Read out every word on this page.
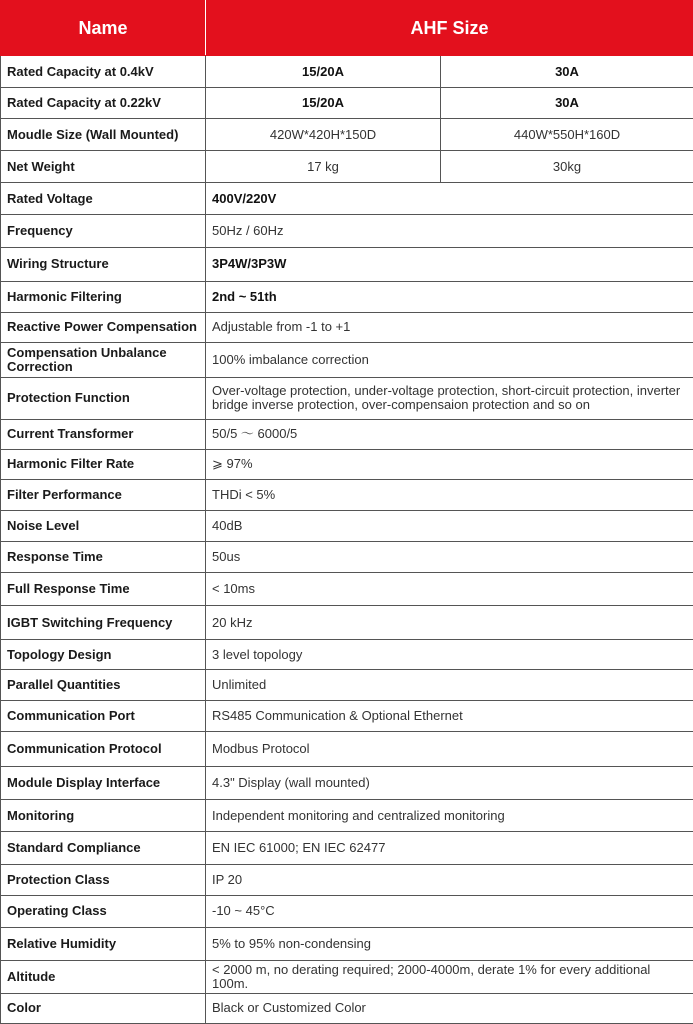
Name	AHF Size	
Rated Capacity at 0.4kV	15/20A	30A
Rated Capacity at 0.22kV	15/20A	30A
Moudle Size (Wall Mounted)	420W*420H*150D	440W*550H*160D
Net Weight	17 kg	30kg
Rated Voltage	400V/220V	
Frequency	50Hz / 60Hz	
Wiring Structure	3P4W/3P3W	
Harmonic Filtering	2nd ~ 51th	
Reactive Power Compensation	Adjustable from -1 to +1	
Compensation Unbalance Correction	100% imbalance correction	
Protection Function	Over-voltage protection, under-voltage protection, short-circuit protection, inverter bridge inverse protection, over-compensaion protection and so on	
Current Transformer	50/5 ～ 6000/5	
Harmonic Filter Rate	⩾ 97%	
Filter Performance	THDi < 5%	
Noise Level	40dB	
Response Time	50us	
Full Response Time	< 10ms	
IGBT Switching Frequency	20 kHz	
Topology Design	3 level topology	
Parallel Quantities	Unlimited	
Communication Port	RS485 Communication & Optional Ethernet	
Communication Protocol	Modbus Protocol	
Module Display Interface	4.3" Display (wall mounted)	
Monitoring	Independent monitoring and centralized monitoring	
Standard Compliance	EN IEC 61000; EN IEC 62477	
Protection Class	IP 20	
Operating Class	-10 ~ 45°C	
Relative Humidity	5% to 95% non-condensing	
Altitude	< 2000 m, no derating required; 2000-4000m, derate 1% for every additional 100m.	
Color	Black or Customized Color	
